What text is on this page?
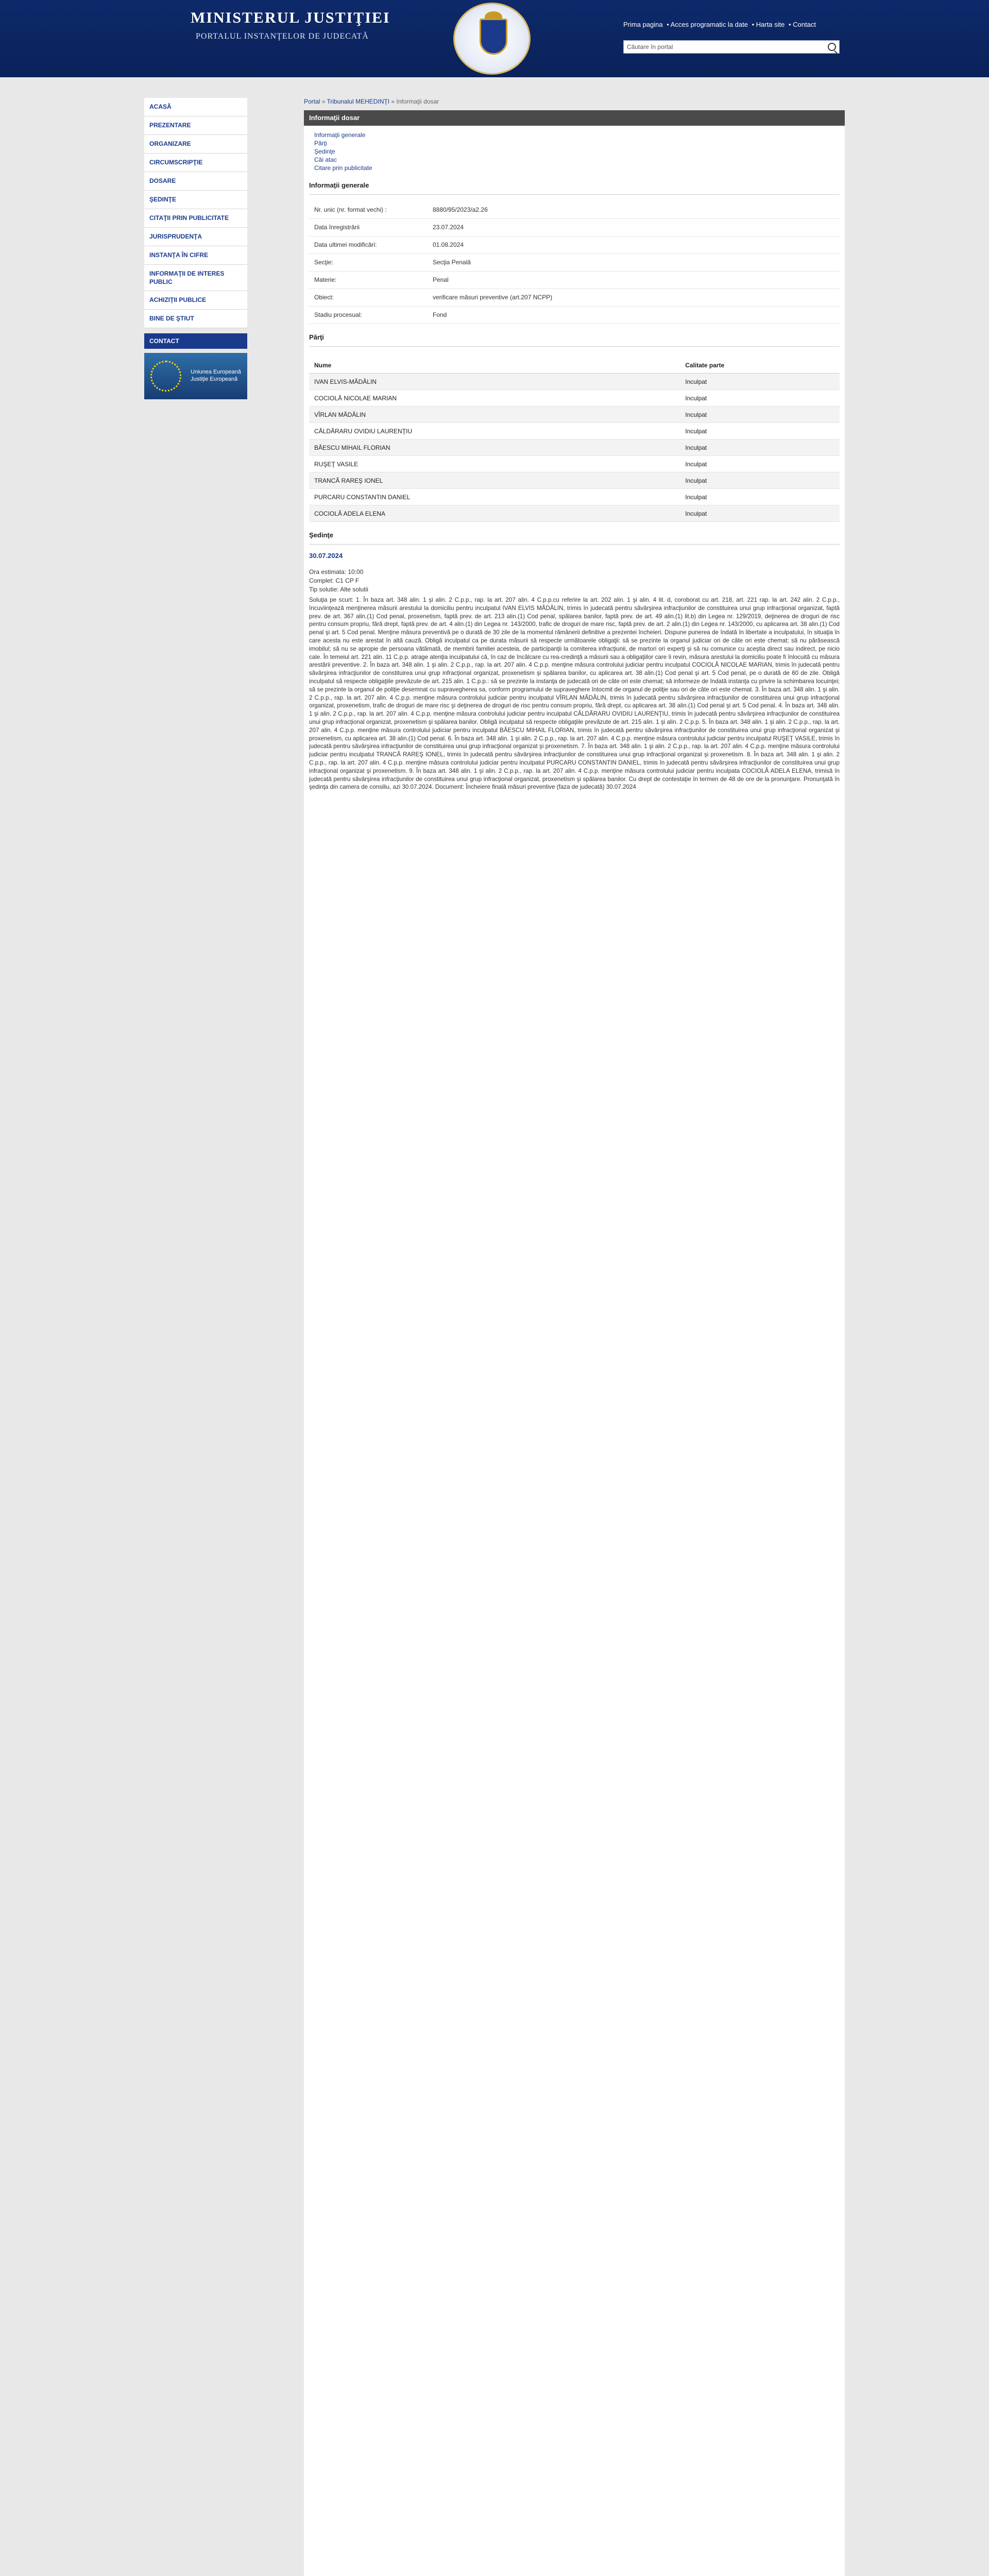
MINISTERUL JUSTIŢIEI
PORTALUL INSTANŢELOR DE JUDECATĂ
Prima pagina • Acces programatic la date • Harta site • Contact
Căutare în portal
ACASĂ
PREZENTARE
ORGANIZARE
CIRCUMSCRIPŢIE
DOSARE
ŞEDINŢE
CITAŢII PRIN PUBLICITATE
JURISPRUDENŢA
INSTANŢA ÎN CIFRE
INFORMAŢII DE INTERES PUBLIC
ACHIZIŢII PUBLICE
BINE DE ŞTIUT
CONTACT
Uniunea Europeană Justiţie Europeană
Portal » Tribunalul MEHEDINŢI » Informaţii dosar
Informaţii dosar
Informaţii generale
Părţi
Şedinţe
Căi atac
Citare prin publicitate
Informaţii generale
Nr. unic (nr. format vechi) :	8880/95/2023/a2.26
Data înregistrării	23.07.2024
Data ultimei modificări:	01.08.2024
Secţie:	Secţia Penală
Materie:	Penal
Obiect:	verificare măsuri preventive (art.207 NCPP)
Stadiu procesual:	Fond
Părţi
Nume	Calitate parte
IVAN ELVIS-MĂDĂLIN	Inculpat
COCIOLĂ NICOLAE MARIAN	Inculpat
VÎRLAN MĂDĂLIN	Inculpat
CĂLDĂRARU OVIDIU LAURENŢIU	Inculpat
BĂESCU MIHAIL FLORIAN	Inculpat
RUŞEŢ VASILE	Inculpat
TRANCĂ RAREŞ IONEL	Inculpat
PURCARU CONSTANTIN DANIEL	Inculpat
COCIOLĂ ADELA ELENA	Inculpat
Şedinţe
30.07.2024
Ora estimata: 10:00
Complet: C1 CP F
Tip solutie: Alte solutii
Soluţia pe scurt: 1. În baza art. 348 alin. 1 şi alin. 2 C.p.p., rap. la art. 207 alin. 4 C.p.p.cu referire la art. 202 alin. 1 şi alin. 4 lit. d, coroborat cu art. 218, art. 221 rap. la art. 242 alin. 2 C.p.p., încuviinţează menţinerea măsurii arestului la domiciliu pentru inculpatul IVAN ELVIS MĂDĂLIN, trimis în judecată pentru săvârşirea infracţiunilor de constituirea unui grup infracţional organizat, faptă prev. de art. 367 alin.(1) Cod penal, proxenetism, faptă prev. de art. 213 alin.(1) Cod penal, spălarea banilor, faptă prev. de art. 49 alin.(1) lit.b) din Legea nr. 129/2019, deţinerea de droguri de risc pentru consum propriu, fără drept, faptă prev. de art. 4 alin.(1) din Legea nr. 143/2000, trafic de droguri de mare risc, faptă prev. de art. 2 alin.(1) din Legea nr. 143/2000, cu aplicarea art. 38 alin.(1) Cod penal şi art. 5 Cod penal. Menţine măsura preventivă pe o durată de 30 zile de la momentul rămânerii definitive a prezentei încheieri. Dispune punerea de îndată în libertate a inculpatului, în situaţia în care acesta nu este arestat în altă cauză. Obligă inculpatul ca pe durata măsurii să respecte următoarele obligaţii: să se prezinte la organul judiciar ori de câte ori este chemat; să nu părăsească imobilul; să nu se apropie de persoana vătămată, de membrii familiei acesteia, de participanţii la comiterea infracţiunii, de martori ori experţi şi să nu comunice cu aceştia direct sau indirect, pe nicio cale. În temeiul art. 221 alin. 11 C.p.p. atrage atenţia inculpatului că, în caz de încălcare cu rea-credinţă a măsurii sau a obligaţiilor care îi revin, măsura arestului la domiciliu poate fi înlocuită cu măsura arestării preventive. 2. În baza art. 348 alin. 1 şi alin. 2 C.p.p., rap. la art. 207 alin. 4 C.p.p. menţine măsura controlului judiciar pentru inculpatul COCIOLĂ NICOLAE MARIAN, trimis în judecată pentru săvârşirea infracţiunilor de constituirea unui grup infracţional organizat, proxenetism şi spălarea banilor, cu aplicarea art. 38 alin.(1) Cod penal şi art. 5 Cod penal, pe o durată de 60 de zile. Obligă inculpatul să respecte obligaţiile prevăzute de art. 215 alin. 1 C.p.p.: să se prezinte la instanţa de judecată ori de câte ori este chemat; să informeze de îndată instanţa cu privire la schimbarea locuinţei; să se prezinte la organul de poliţie desemnat cu supravegherea sa, conform programului de supraveghere întocmit de organul de poliţie sau ori de câte ori este chemat. 3. În baza art. 348 alin. 1 şi alin. 2 C.p.p., rap. la art. 207 alin. 4 C.p.p. menţine măsura controlului judiciar pentru inculpatul VÎRLAN MĂDĂLIN, trimis în judecată pentru săvârşirea infracţiunilor de constituirea unui grup infracţional organizat, proxenetism, trafic de droguri de mare risc şi deţinerea de droguri de risc pentru consum propriu, fără drept, cu aplicarea art. 38 alin.(1) Cod penal şi art. 5 Cod penal. 4. În baza art. 348 alin. 1 şi alin. 2 C.p.p., rap. la art. 207 alin. 4 C.p.p. menţine măsura controlului judiciar pentru inculpatul CĂLDĂRARU OVIDIU LAURENŢIU, trimis în judecată pentru săvârşirea infracţiunilor de constituirea unui grup infracţional organizat, proxenetism şi spălarea banilor. Obligă inculpatul să respecte obligaţiile prevăzute de art. 215 alin. 1 şi alin. 2 C.p.p. 5. În baza art. 348 alin. 1 şi alin. 2 C.p.p., rap. la art. 207 alin. 4 C.p.p. menţine măsura controlului judiciar pentru inculpatul BĂESCU MIHAIL FLORIAN, trimis în judecată pentru săvârşirea infracţiunilor de constituirea unui grup infracţional organizat şi proxenetism, cu aplicarea art. 38 alin.(1) Cod penal. 6. În baza art. 348 alin. 1 şi alin. 2 C.p.p., rap. la art. 207 alin. 4 C.p.p. menţine măsura controlului judiciar pentru inculpatul RUŞEŢ VASILE, trimis în judecată pentru săvârşirea infracţiunilor de constituirea unui grup infracţional organizat şi proxenetism. 7. În baza art. 348 alin. 1 şi alin. 2 C.p.p., rap. la art. 207 alin. 4 C.p.p. menţine măsura controlului judiciar pentru inculpatul TRANCĂ RAREŞ IONEL, trimis în judecată pentru săvârşirea infracţiunilor de constituirea unui grup infracţional organizat şi proxenetism. 8. În baza art. 348 alin. 1 şi alin. 2 C.p.p., rap. la art. 207 alin. 4 C.p.p. menţine măsura controlului judiciar pentru inculpatul PURCARU CONSTANTIN DANIEL, trimis în judecată pentru săvârşirea infracţiunilor de constituirea unui grup infracţional organizat şi proxenetism. 9. În baza art. 348 alin. 1 şi alin. 2 C.p.p., rap. la art. 207 alin. 4 C.p.p. menţine măsura controlului judiciar pentru inculpata COCIOLĂ ADELA ELENA, trimisă în judecată pentru săvârşirea infracţiunilor de constituirea unui grup infracţional organizat, proxenetism şi spălarea banilor. Cu drept de contestaţie în termen de 48 de ore de la pronunţare. Pronunţată în şedinţa din camera de consiliu, azi 30.07.2024. Document: Încheiere finală măsuri preventive (faza de judecată) 30.07.2024
